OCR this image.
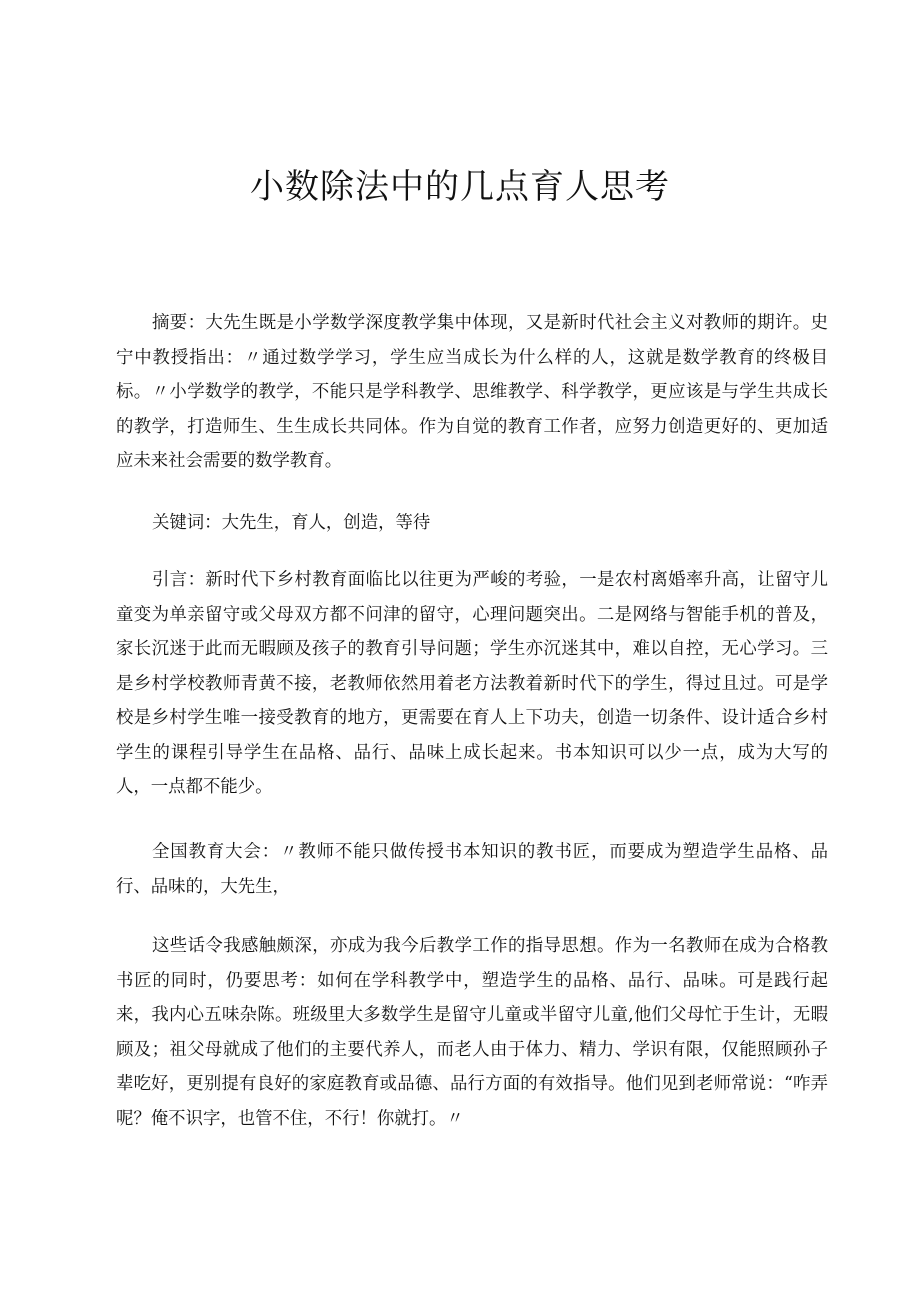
小数除法中的几点育人思考

摘要：大先生既是小学数学深度教学集中体现，又是新时代社会主义对教师的期许。史宁中教授指出：〃通过数学学习，学生应当成长为什么样的人，这就是数学教育的终极目标。〃小学数学的教学，不能只是学科教学、思维教学、科学教学，更应该是与学生共成长的教学，打造师生、生生成长共同体。作为自觉的教育工作者，应努力创造更好的、更加适应未来社会需要的数学教育。

关键词：大先生，育人，创造，等待

引言：新时代下乡村教育面临比以往更为严峻的考验，一是农村离婚率升高，让留守儿童变为单亲留守或父母双方都不问津的留守，心理问题突出。二是网络与智能手机的普及，家长沉迷于此而无暇顾及孩子的教育引导问题；学生亦沉迷其中，难以自控，无心学习。三是乡村学校教师青黄不接，老教师依然用着老方法教着新时代下的学生，得过且过。可是学校是乡村学生唯一接受教育的地方，更需要在育人上下功夫，创造一切条件、设计适合乡村学生的课程引导学生在品格、品行、品味上成长起来。书本知识可以少一点，成为大写的人，一点都不能少。

全国教育大会：〃教师不能只做传授书本知识的教书匠，而要成为塑造学生品格、品行、品味的，大先生，

这些话令我感触颇深，亦成为我今后教学工作的指导思想。作为一名教师在成为合格教书匠的同时，仍要思考：如何在学科教学中，塑造学生的品格、品行、品味。可是践行起来，我内心五味杂陈。班级里大多数学生是留守儿童或半留守儿童,他们父母忙于生计，无暇顾及；祖父母就成了他们的主要代养人，而老人由于体力、精力、学识有限，仅能照顾孙子辈吃好，更别提有良好的家庭教育或品德、品行方面的有效指导。他们见到老师常说：“咋弄呢？俺不识字，也管不住，不行！你就打。〃
